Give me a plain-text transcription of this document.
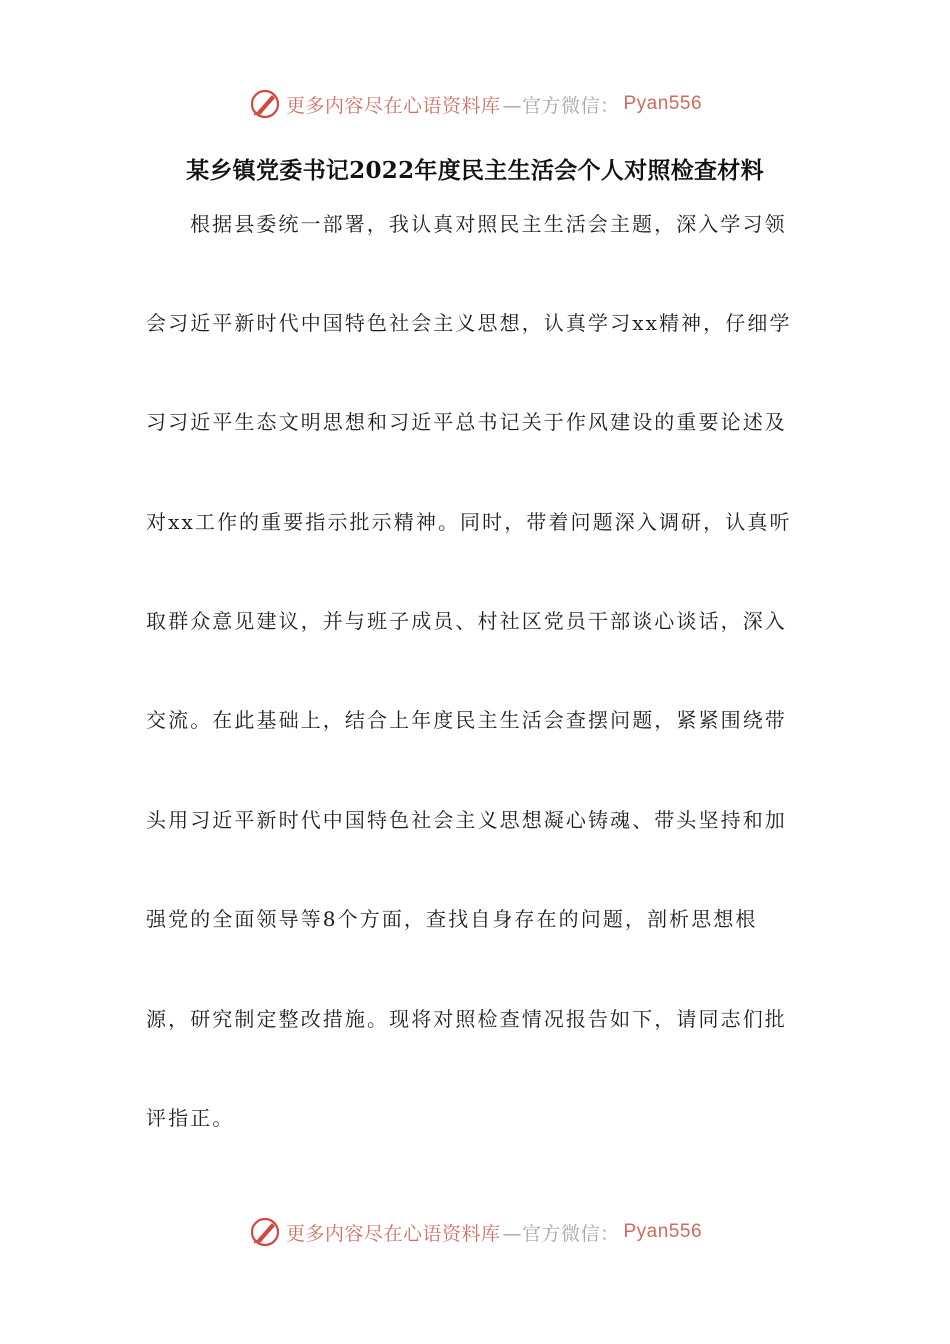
更多内容尽在心语资料库 —官方微信： Pyan556
某乡镇党委书记2022年度民主生活会个人对照检查材料
根据县委统一部署，我认真对照民主生活会主题，深入学习领
会习近平新时代中国特色社会主义思想，认真学习xx精神，仔细学
习习近平生态文明思想和习近平总书记关于作风建设的重要论述及
对xx工作的重要指示批示精神。同时，带着问题深入调研，认真听
取群众意见建议，并与班子成员、村社区党员干部谈心谈话，深入
交流。在此基础上，结合上年度民主生活会查摆问题，紧紧围绕带
头用习近平新时代中国特色社会主义思想凝心铸魂、带头坚持和加
强党的全面领导等8个方面，查找自身存在的问题，剖析思想根
源，研究制定整改措施。现将对照检查情况报告如下，请同志们批
评指正。
更多内容尽在心语资料库 —官方微信： Pyan556
